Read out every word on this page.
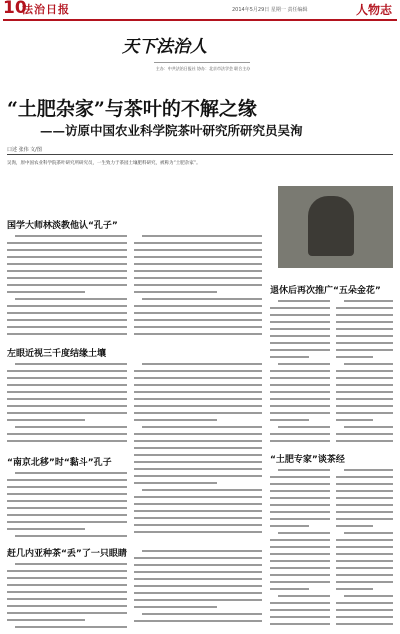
10
法治日报	2014年5月29日 星期一 责任编辑	人物志
天下法治人
主办：中共法治日报社 协办：北京市法学会 联合主办
“土肥杂家”与茶叶的不解之缘
——访原中国农业科学院茶叶研究所研究员吴洵
口述 张伟 文/图
吴洵，原中国农业科学院茶叶研究所研究员，一生致力于茶园土壤肥料研究，被称为“土肥杂家”。
国学大师林淡教他认“孔子”
左眼近视三千度结缘土壤
“南京北移”时“黏斗”孔子
赶几内亚种茶“丢”了一只眼睛
退休后再次推广“五朵金花”
“土肥专家”谈茶经
